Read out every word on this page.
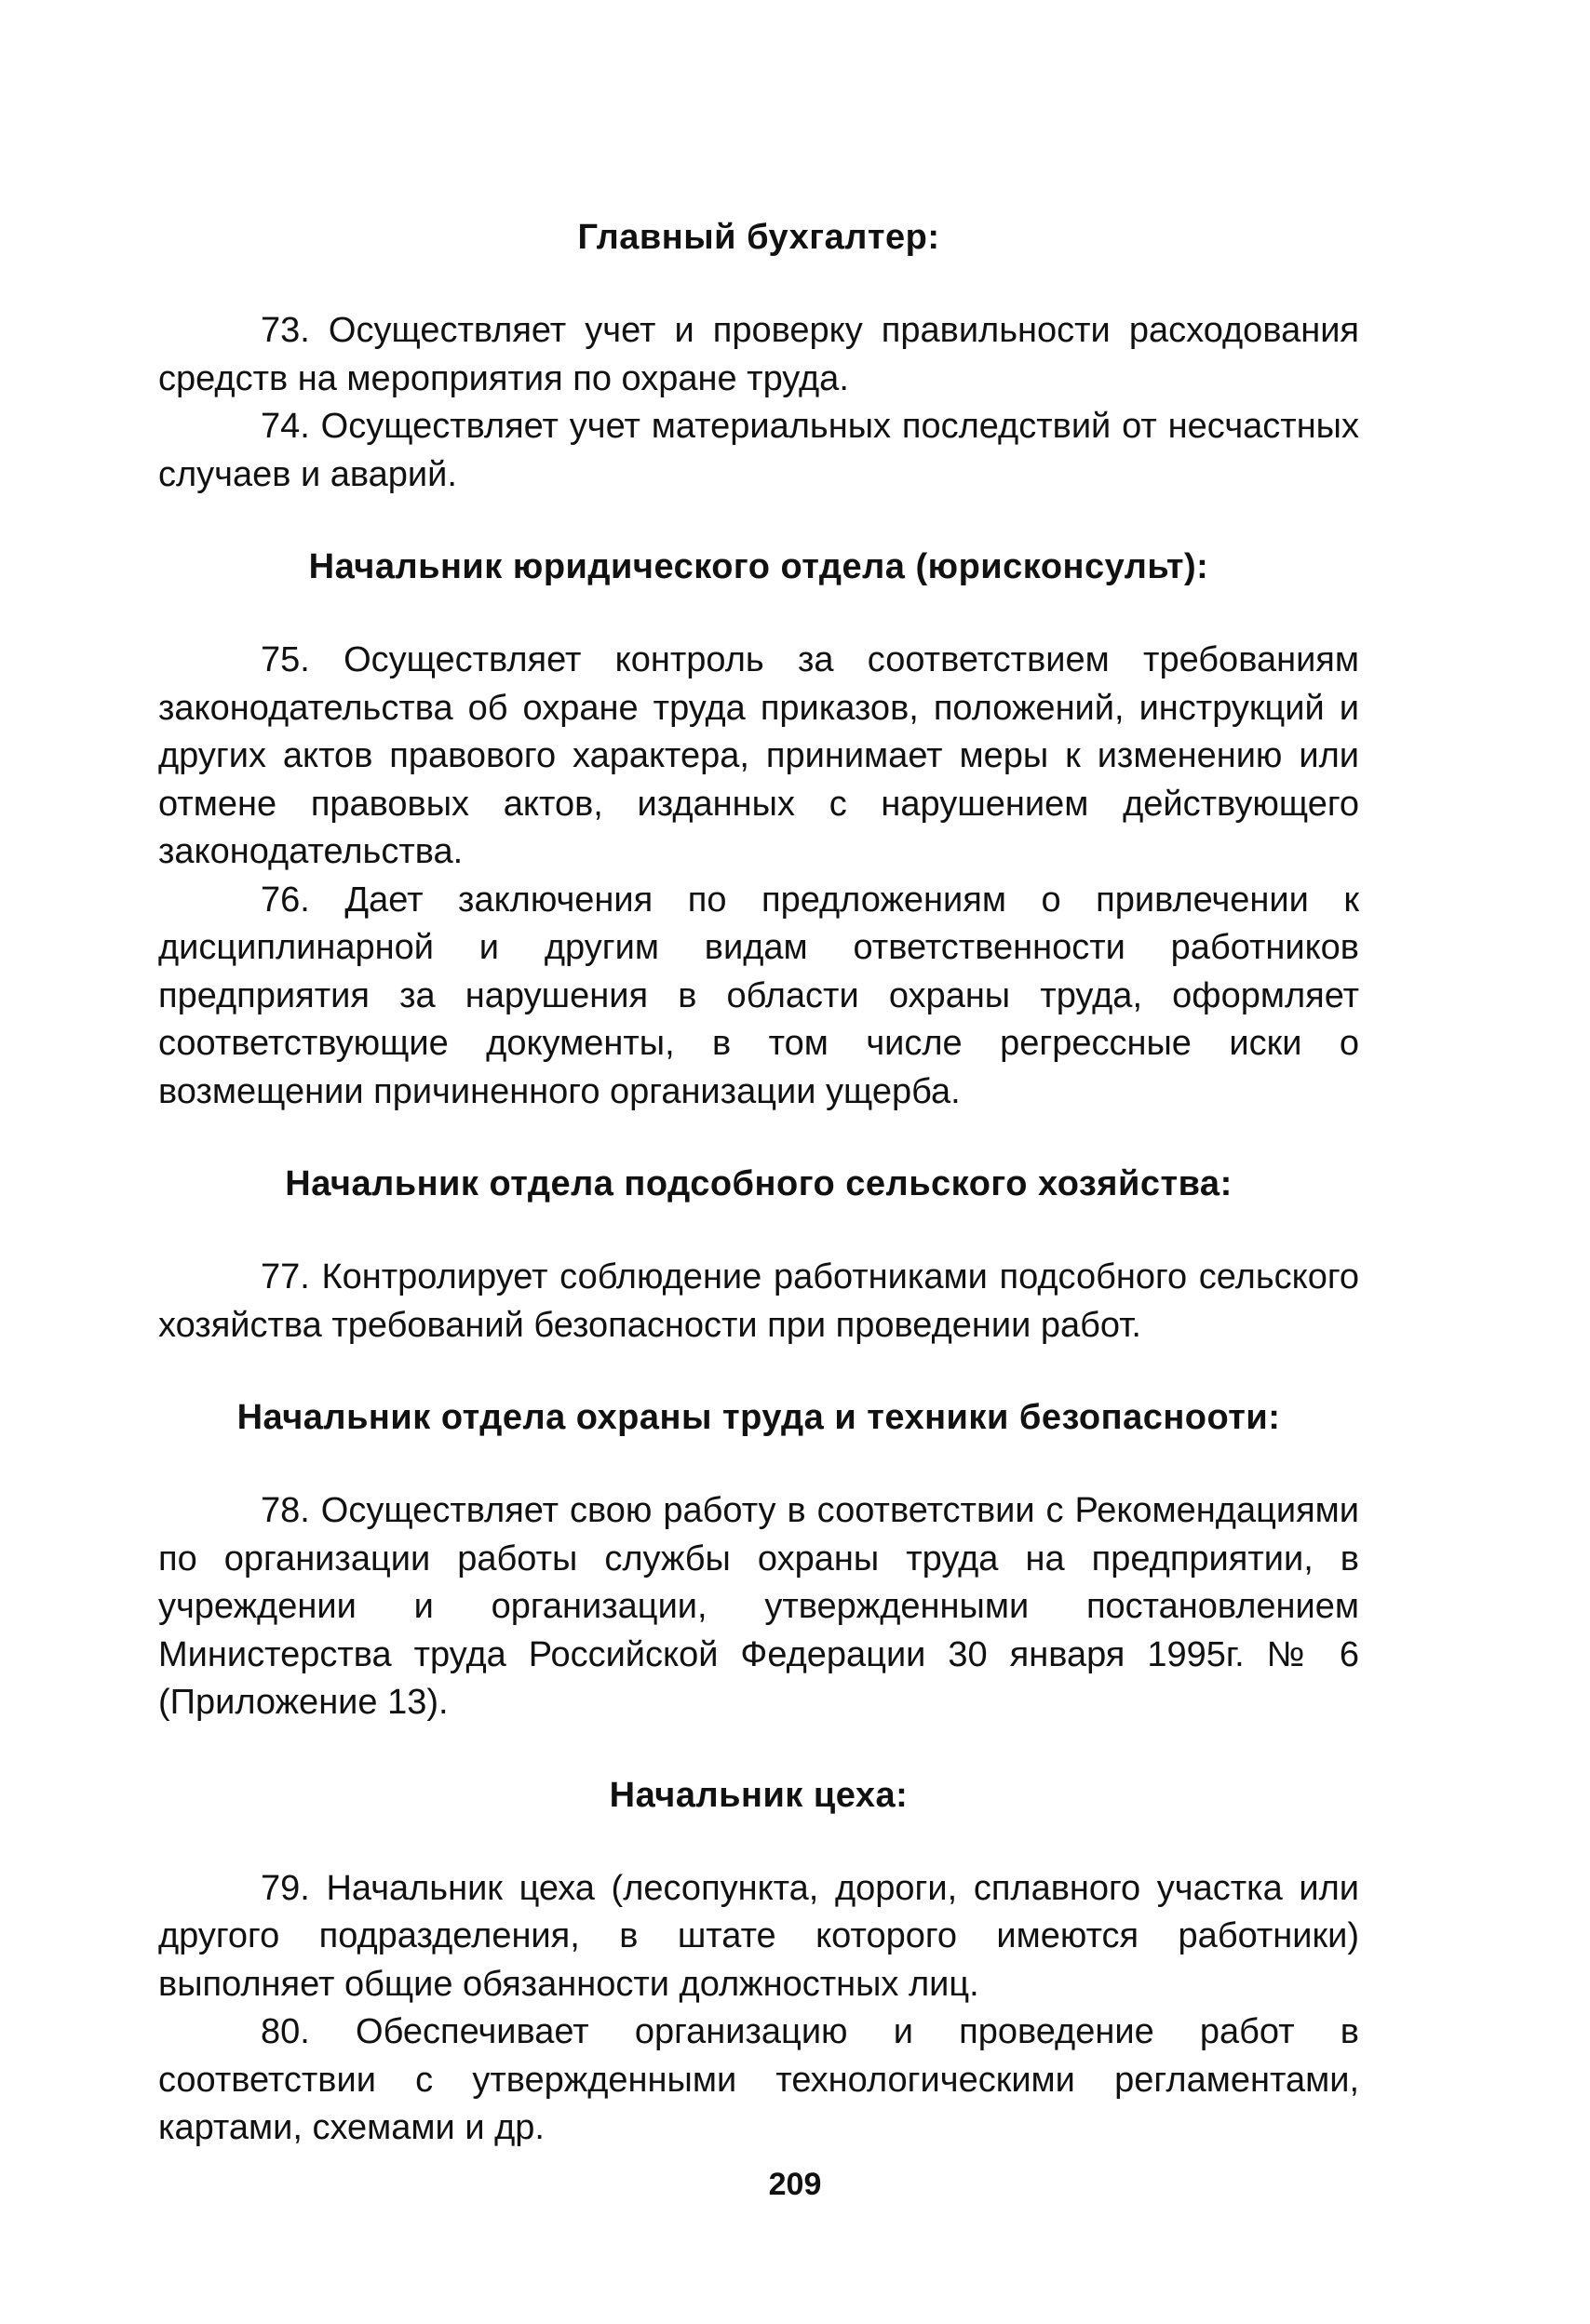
Главный бухгалтер:

73. Осуществляет учет и проверку правильности расходования средств на мероприятия по охране труда.

74. Осуществляет учет материальных последствий от несчастных случаев и аварий.

Начальник юридического отдела (юрисконсульт):

75. Осуществляет контроль за соответствием требованиям законодательства об охране труда приказов, положений, инструкций и других актов правового характера, принимает меры к изменению или отмене правовых актов, изданных с нарушением действующего законодательства.

76. Дает заключения по предложениям о привлечении к дисциплинарной и другим видам ответственности работников предприятия за нарушения в области охраны труда, оформляет соответствующие документы, в том числе регрессные иски о возмещении причиненного организации ущерба.

Начальник отдела подсобного сельского хозяйства:

77. Контролирует соблюдение работниками подсобного сельского хозяйства требований безопасности при проведении работ.

Начальник отдела охраны труда и техники безопаснооти:

78. Осуществляет свою работу в соответствии с Рекомендациями по организации работы службы охраны труда на предприятии, в учреждении и организации, утвержденными постановлением Министерства труда Российской Федерации 30 января 1995г. № 6 (Приложение 13).

Начальник цеха:

79. Начальник цеха (лесопункта, дороги, сплавного участка или другого подразделения, в штате которого имеются работники) выполняет общие обязанности должностных лиц.

80. Обеспечивает организацию и проведение работ в соответствии с утвержденными технологическими регламентами, картами, схемами и др.

209
